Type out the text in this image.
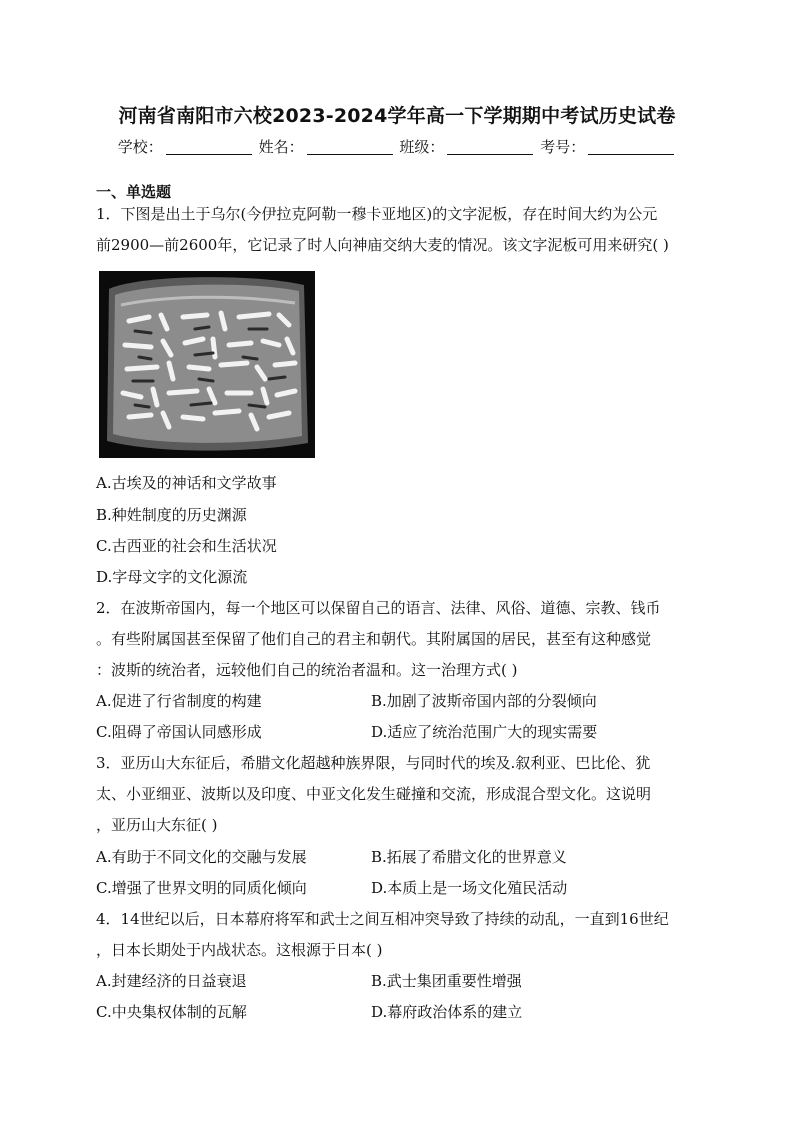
河南省南阳市六校2023-2024学年高一下学期期中考试历史试卷
学校：	姓名：	班级：	考号：
一、单选题
1．下图是出土于乌尔(今伊拉克阿勒一穆卡亚地区)的文字泥板，存在时间大约为公元
前2900—前2600年，它记录了时人向神庙交纳大麦的情况。该文字泥板可用来研究( )
A.古埃及的神话和文学故事
B.种姓制度的历史渊源
C.古西亚的社会和生活状况
D.字母文字的文化源流
2．在波斯帝国内，每一个地区可以保留自己的语言、法律、风俗、道德、宗教、钱币
。有些附属国甚至保留了他们自己的君主和朝代。其附属国的居民，甚至有这种感觉
：波斯的统治者，远较他们自己的统治者温和。这一治理方式( )
A.促进了行省制度的构建	B.加剧了波斯帝国内部的分裂倾向
C.阻碍了帝国认同感形成	D.适应了统治范围广大的现实需要
3．亚历山大东征后，希腊文化超越种族界限，与同时代的埃及.叙利亚、巴比伦、犹
太、小亚细亚、波斯以及印度、中亚文化发生碰撞和交流，形成混合型文化。这说明
，亚历山大东征( )
A.有助于不同文化的交融与发展	B.拓展了希腊文化的世界意义
C.增强了世界文明的同质化倾向	D.本质上是一场文化殖民活动
4．14世纪以后，日本幕府将军和武士之间互相冲突导致了持续的动乱，一直到16世纪
，日本长期处于内战状态。这根源于日本( )
A.封建经济的日益衰退	B.武士集团重要性增强
C.中央集权体制的瓦解	D.幕府政治体系的建立
